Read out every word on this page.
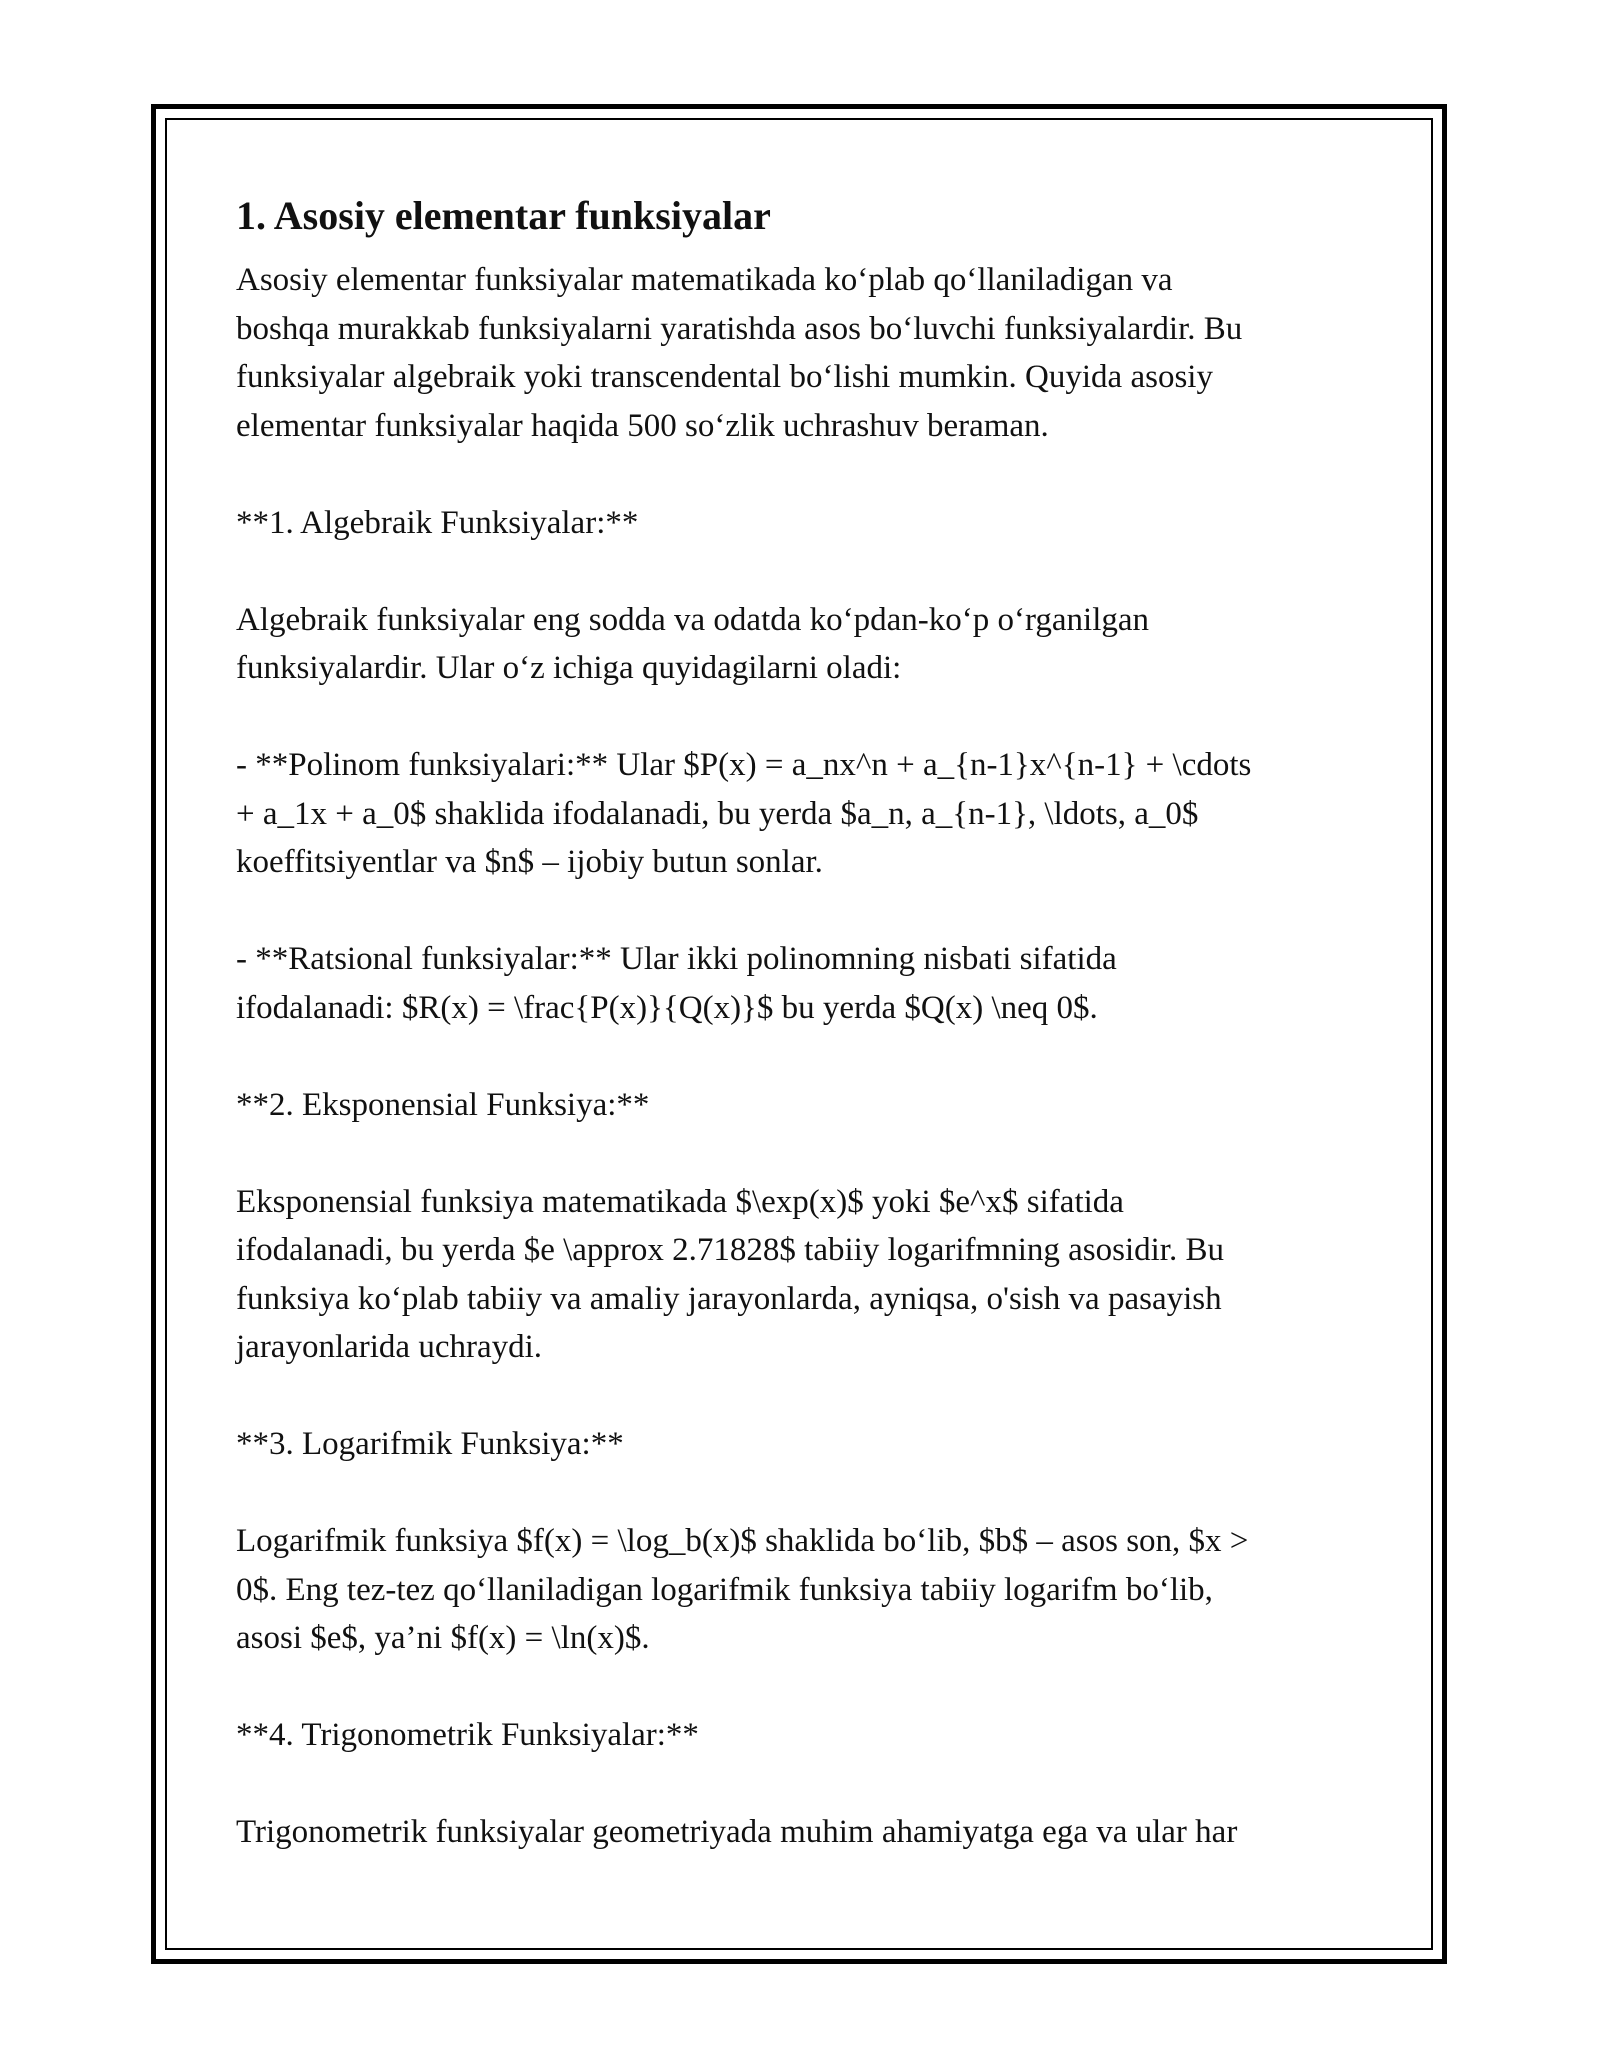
1. Asosiy elementar funksiyalar
Asosiy elementar funksiyalar matematikada ko‘plab qo‘llaniladigan va
boshqa murakkab funksiyalarni yaratishda asos bo‘luvchi funksiyalardir. Bu
funksiyalar algebraik yoki transcendental bo‘lishi mumkin. Quyida asosiy
elementar funksiyalar haqida 500 so‘zlik uchrashuv beraman.
**1. Algebraik Funksiyalar:**
Algebraik funksiyalar eng sodda va odatda ko‘pdan-ko‘p o‘rganilgan
funksiyalardir. Ular o‘z ichiga quyidagilarni oladi:
- **Polinom funksiyalari:** Ular $P(x) = a_nx^n + a_{n-1}x^{n-1} + \cdots
+ a_1x + a_0$ shaklida ifodalanadi, bu yerda $a_n, a_{n-1}, \ldots, a_0$
koeffitsiyentlar va $n$ – ijobiy butun sonlar.
- **Ratsional funksiyalar:** Ular ikki polinomning nisbati sifatida
ifodalanadi: $R(x) = \frac{P(x)}{Q(x)}$ bu yerda $Q(x) \neq 0$.
**2. Eksponensial Funksiya:**
Eksponensial funksiya matematikada $\exp(x)$ yoki $e^x$ sifatida
ifodalanadi, bu yerda $e \approx 2.71828$ tabiiy logarifmning asosidir. Bu
funksiya ko‘plab tabiiy va amaliy jarayonlarda, ayniqsa, o'sish va pasayish
jarayonlarida uchraydi.
**3. Logarifmik Funksiya:**
Logarifmik funksiya $f(x) = \log_b(x)$ shaklida bo‘lib, $b$ – asos son, $x >
0$. Eng tez-tez qo‘llaniladigan logarifmik funksiya tabiiy logarifm bo‘lib,
asosi $e$, ya’ni $f(x) = \ln(x)$.
**4. Trigonometrik Funksiyalar:**
Trigonometrik funksiyalar geometriyada muhim ahamiyatga ega va ular har
